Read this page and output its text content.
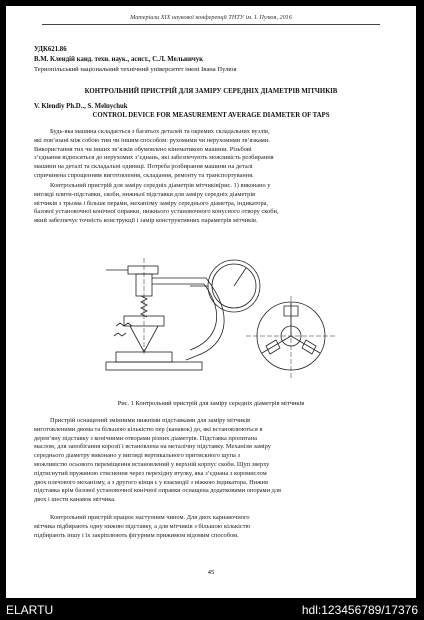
Матеріали ХІХ наукової конференції ТНТУ ім. І. Пулюя, 2016
УДК621.86
В.М. Клендій канд. техн. наук., асист., С.Л. Мельничук
Тернопільський національний технічний університет імені Івана Пулюя
КОНТРОЛЬНИЙ ПРИСТРІЙ ДЛЯ ЗАМІРУ СЕРЕДНІХ ДІАМЕТРІВ МІТЧИКІВ
V. Klendiy Ph.D.., S. Melnychuk
CONTROL DEVICE FOR MEASUREMENT AVERAGE DIAMETER OF TAPS
Будь-яка машина складається з багатьох деталей та окремих складальних вузлів,
які пов’язані між собою тим чи іншим способом: рухомими чи нерухомими зв’язками.
Використання тих чи інших зв’язків обумовлено кінематикою машини. Різьбові
з’єднання відносяться до нерухомих з’єднань, які забезпечують можливість розбирання
машини на деталі та складальні одиниці. Потреба розбирання машини на деталі
спричинена спрощенням виготовлення, складання, ремонту та транспортування.
Контрольний пристрій для заміру середніх діаметрів мітчиків(рис. 1) виконано у
вигляді плити-підставки, скоби, нижньої підставки для заміру середніх діаметрів
мітчиків з трьома і більше перами, механізму заміру середнього діаметра, індикатора,
базової установочної конічної оправки, нижнього установочного конусного отвору скоби,
який забезпечує точність конструкції і замір конструктивних параметрів мітчиків.
Рис. 1 Контрольний пристрій для заміру середніх діаметрів мітчиків
Пристрій оснащений змінними нижніми підставками для заміру мітчиків
виготовленими двома та більшою кількістю пер (канавок) до, які встановлюються в
дерев’яну підставку з конічними отворами різних діаметрів. Підставка пропитана
маслом, для запобігання корозії і встановлена на металічну підставку. Механізм заміру
середнього діаметру виконано у вигляді вертикального притискного щупа з
можливістю осьового переміщення встановлений у верхній корпус скоби. Щуп зверху
підтиснутий пружиною стиснення через перехідну втулку, яка з’єднана з коромислом
двох плечового механізму, а з другого кінця є у взаємодії з ніжкою індикатора. Нижня
підставка крім базової установочної конічної оправки оснащена додатковими опорами для
двох і шести канавок мітчика.
Контрольний пристрій працює наступним чином. Для двох карнавочного
мітчика підбирають одну нижню підставку, а для мітчиків з більшою кількістю
підбирають іншу і їх закріплюють фігурним прижимом відомим способом.
45
ELARTU	hdl:123456789/17376
